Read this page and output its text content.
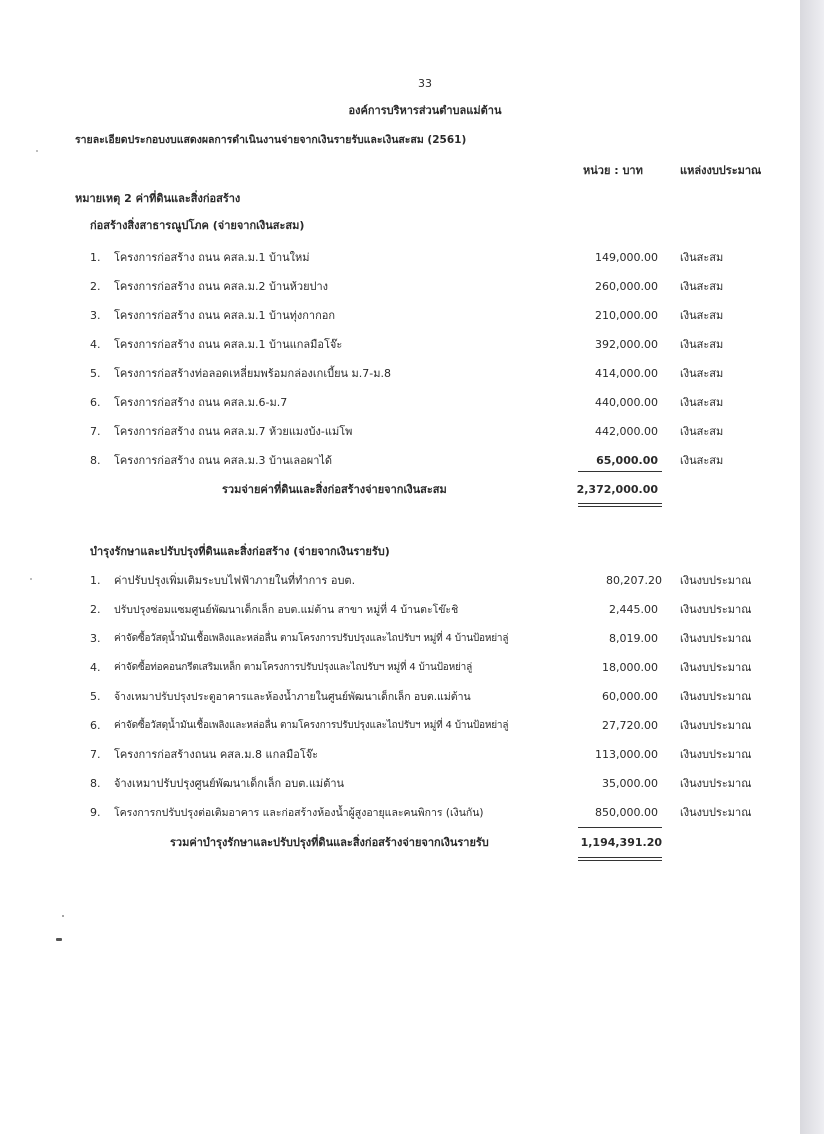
33
องค์การบริหารส่วนตำบลแม่ต้าน
รายละเอียดประกอบงบแสดงผลการดำเนินงานจ่ายจากเงินรายรับและเงินสะสม (2561)
หน่วย : บาท	แหล่งงบประมาณ
หมายเหตุ 2 ค่าที่ดินและสิ่งก่อสร้าง
ก่อสร้างสิ่งสาธารณูปโภค (จ่ายจากเงินสะสม)
1. โครงการก่อสร้าง ถนน คสล.ม.1 บ้านใหม่	149,000.00 เงินสะสม
2. โครงการก่อสร้าง ถนน คสล.ม.2 บ้านห้วยปาง	260,000.00 เงินสะสม
3. โครงการก่อสร้าง ถนน คสล.ม.1 บ้านทุ่งกากอก	210,000.00 เงินสะสม
4. โครงการก่อสร้าง ถนน คสล.ม.1 บ้านแกลมือโจ๊ะ	392,000.00 เงินสะสม
5. โครงการก่อสร้างท่อลอดเหลี่ยมพร้อมกล่องเกเบี้ยน ม.7-ม.8	414,000.00 เงินสะสม
6. โครงการก่อสร้าง ถนน คสล.ม.6-ม.7	440,000.00 เงินสะสม
7. โครงการก่อสร้าง ถนน คสล.ม.7 ห้วยแมงบ้ง-แม่โพ	442,000.00 เงินสะสม
8. โครงการก่อสร้าง ถนน คสล.ม.3 บ้านเลอผาได้	65,000.00 เงินสะสม
รวมจ่ายค่าที่ดินและสิ่งก่อสร้างจ่ายจากเงินสะสม	2,372,000.00
บำรุงรักษาและปรับปรุงที่ดินและสิ่งก่อสร้าง (จ่ายจากเงินรายรับ)
1. ค่าปรับปรุงเพิ่มเติมระบบไฟฟ้าภายในที่ทำการ อบต.	80,207.20 เงินงบประมาณ
2. ปรับปรุงซ่อมแซมศูนย์พัฒนาเด็กเล็ก อบต.แม่ต้าน สาขา หมู่ที่ 4 บ้านตะโข๊ะชิ	2,445.00 เงินงบประมาณ
3. ค่าจัดซื้อวัสดุน้ำมันเชื้อเพลิงและหล่อลื่น ตามโครงการปรับปรุงและไถปรับฯ หมู่ที่ 4 บ้านป้อหย่าลู่	8,019.00 เงินงบประมาณ
4. ค่าจัดซื้อท่อคอนกรีตเสริมเหล็ก ตามโครงการปรับปรุงและไถปรับฯ หมู่ที่ 4 บ้านป้อหย่าลู่	18,000.00 เงินงบประมาณ
5. จ้างเหมาปรับปรุงประตูอาคารและห้องน้ำภายในศูนย์พัฒนาเด็กเล็ก อบต.แม่ต้าน	60,000.00 เงินงบประมาณ
6. ค่าจัดซื้อวัสดุน้ำมันเชื้อเพลิงและหล่อลื่น ตามโครงการปรับปรุงและไถปรับฯ หมู่ที่ 4 บ้านป้อหย่าลู่	27,720.00 เงินงบประมาณ
7. โครงการก่อสร้างถนน คสล.ม.8 แกลมือโจ๊ะ	113,000.00 เงินงบประมาณ
8. จ้างเหมาปรับปรุงศูนย์พัฒนาเด็กเล็ก อบต.แม่ต้าน	35,000.00 เงินงบประมาณ
9. โครงการกปรับปรุงต่อเติมอาคาร และก่อสร้างห้องน้ำผู้สูงอายุและคนพิการ (เงินกัน)	850,000.00 เงินงบประมาณ
รวมค่าบำรุงรักษาและปรับปรุงที่ดินและสิ่งก่อสร้างจ่ายจากเงินรายรับ	1,194,391.20
